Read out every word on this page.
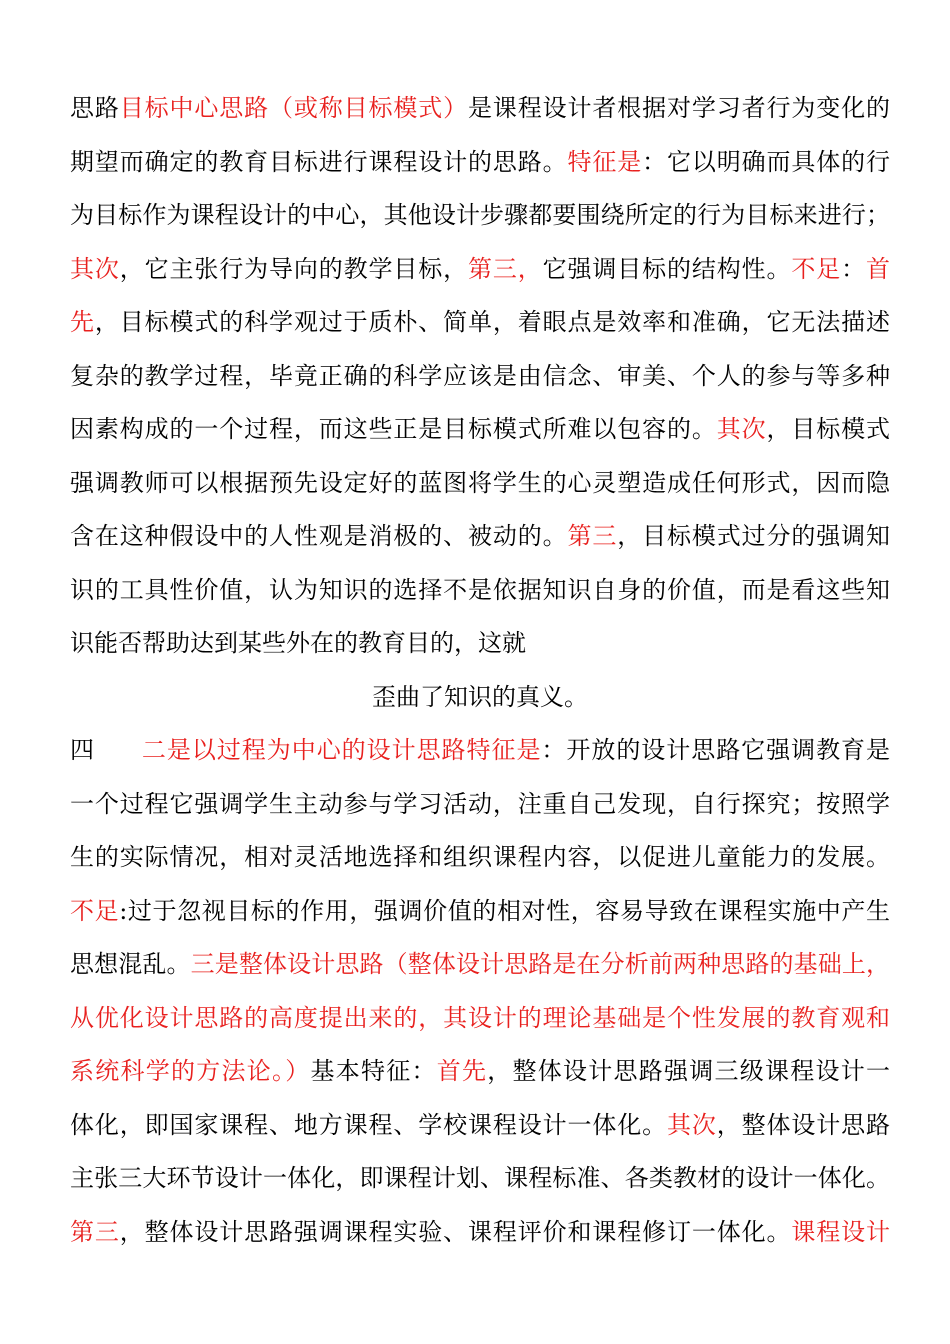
思路目标中心思路（或称目标模式）是课程设计者根据对学习者行为变化的
期望而确定的教育目标进行课程设计的思路。特征是：它以明确而具体的行
为目标作为课程设计的中心，其他设计步骤都要围绕所定的行为目标来进行；
其次，它主张行为导向的教学目标，第三，它强调目标的结构性。不足：首
先，目标模式的科学观过于质朴、简单，着眼点是效率和准确，它无法描述
复杂的教学过程，毕竟正确的科学应该是由信念、审美、个人的参与等多种
因素构成的一个过程，而这些正是目标模式所难以包容的。其次，目标模式
强调教师可以根据预先设定好的蓝图将学生的心灵塑造成任何形式，因而隐
含在这种假设中的人性观是消极的、被动的。第三，目标模式过分的强调知
识的工具性价值，认为知识的选择不是依据知识自身的价值，而是看这些知
识能否帮助达到某些外在的教育目的，这就
歪曲了知识的真义。
四 二是以过程为中心的设计思路特征是：开放的设计思路它强调教育是
一个过程它强调学生主动参与学习活动，注重自己发现，自行探究；按照学
生的实际情况，相对灵活地选择和组织课程内容，以促进儿童能力的发展。
不足:过于忽视目标的作用，强调价值的相对性，容易导致在课程实施中产生
思想混乱。三是整体设计思路（整体设计思路是在分析前两种思路的基础上，
从优化设计思路的高度提出来的，其设计的理论基础是个性发展的教育观和
系统科学的方法论。）基本特征：首先，整体设计思路强调三级课程设计一
体化，即国家课程、地方课程、学校课程设计一体化。其次，整体设计思路
主张三大环节设计一体化，即课程计划、课程标准、各类教材的设计一体化。
第三，整体设计思路强调课程实验、课程评价和课程修订一体化。课程设计
